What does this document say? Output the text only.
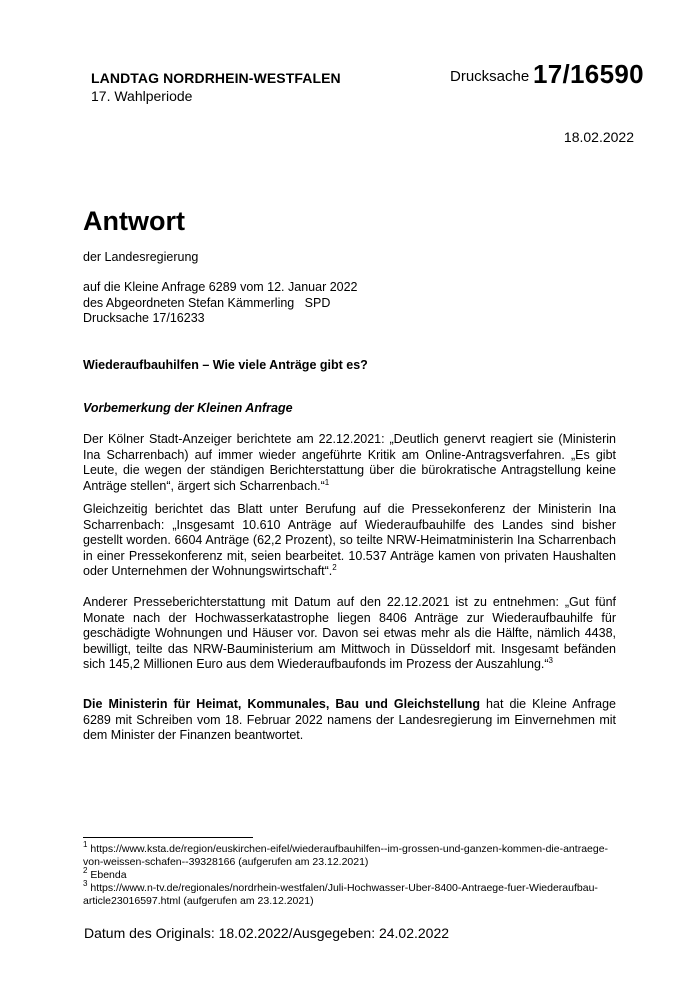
LANDTAG NORDRHEIN-WESTFALEN
17. Wahlperiode
Drucksache 17/16590
18.02.2022
Antwort
der Landesregierung
auf die Kleine Anfrage 6289 vom 12. Januar 2022
des Abgeordneten Stefan Kämmerling   SPD
Drucksache 17/16233
Wiederaufbauhilfen – Wie viele Anträge gibt es?
Vorbemerkung der Kleinen Anfrage
Der Kölner Stadt-Anzeiger berichtete am 22.12.2021: „Deutlich genervt reagiert sie (Ministerin Ina Scharrenbach) auf immer wieder angeführte Kritik am Online-Antragsverfahren. „Es gibt Leute, die wegen der ständigen Berichterstattung über die bürokratische Antragstellung keine Anträge stellen“, ärgert sich Scharrenbach.“$^1$
Gleichzeitig berichtet das Blatt unter Berufung auf die Pressekonferenz der Ministerin Ina Scharrenbach: „Insgesamt 10.610 Anträge auf Wiederaufbauhilfe des Landes sind bisher gestellt worden. 6604 Anträge (62,2 Prozent), so teilte NRW-Heimatministerin Ina Scharrenbach in einer Pressekonferenz mit, seien bearbeitet. 10.537 Anträge kamen von privaten Haushalten oder Unternehmen der Wohnungswirtschaft“.$^2$
Anderer Presseberichterstattung mit Datum auf den 22.12.2021 ist zu entnehmen: „Gut fünf Monate nach der Hochwasserkatastrophe liegen 8406 Anträge zur Wiederaufbauhilfe für geschädigte Wohnungen und Häuser vor. Davon sei etwas mehr als die Hälfte, nämlich 4438, bewilligt, teilte das NRW-Bauministerium am Mittwoch in Düsseldorf mit. Insgesamt befänden sich 145,2 Millionen Euro aus dem Wiederaufbaufonds im Prozess der Auszahlung.“$^3$
Die Ministerin für Heimat, Kommunales, Bau und Gleichstellung hat die Kleine Anfrage 6289 mit Schreiben vom 18. Februar 2022 namens der Landesregierung im Einvernehmen mit dem Minister der Finanzen beantwortet.

$^1$ https://www.ksta.de/region/euskirchen-eifel/wiederaufbauhilfen--im-grossen-und-ganzen-kommen-die-antraege-von-weissen-schafen--39328166 (aufgerufen am 23.12.2021)

$^2$ Ebenda

$^3$ https://www.n-tv.de/regionales/nordrhein-westfalen/Juli-Hochwasser-Uber-8400-Antraege-fuer-Wiederaufbau-article23016597.html (aufgerufen am 23.12.2021)

Datum des Originals: 18.02.2022/Ausgegeben: 24.02.2022
